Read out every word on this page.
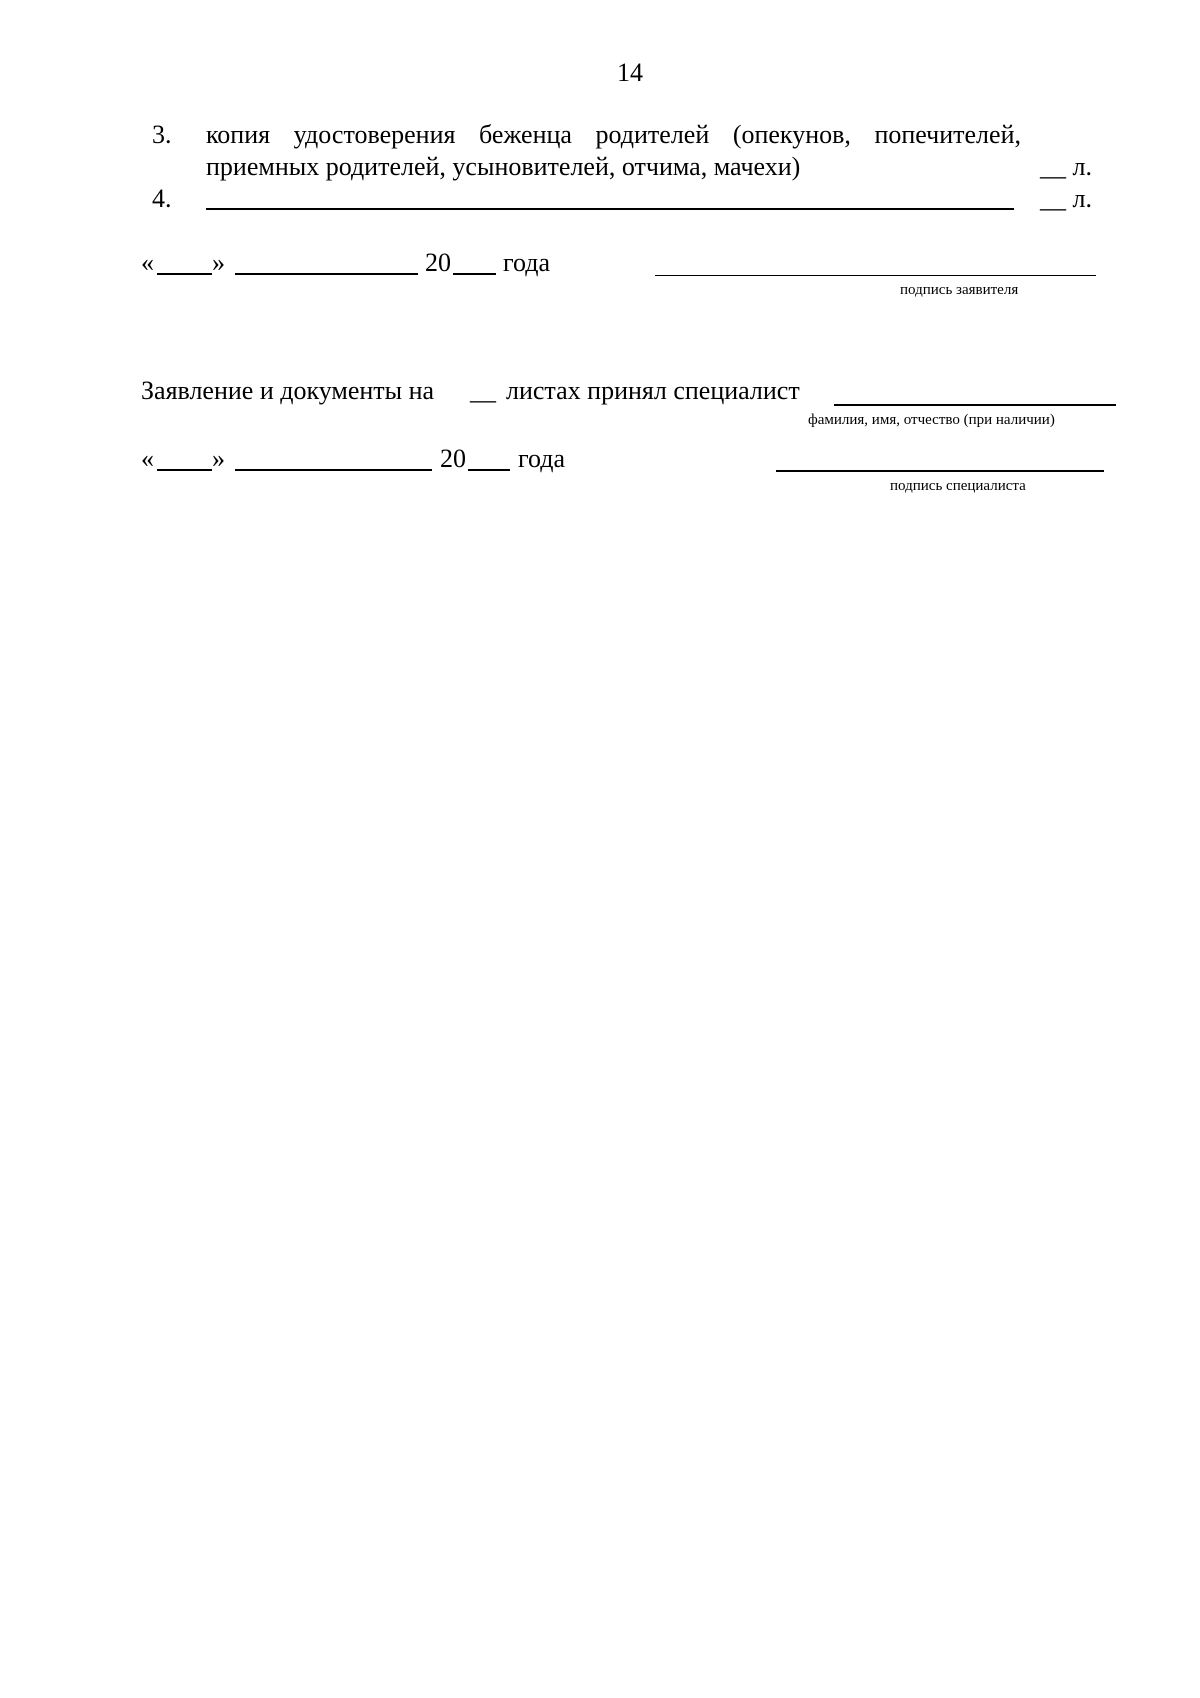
14
3. копия удостоверения беженца родителей (опекунов, попечителей,
приемных родителей, усыновителей, отчима, мачехи)	__ л.
4.	__ л.
« »	20 года
подпись заявителя
Заявление и документы на __ листах принял специалист
фамилия, имя, отчество (при наличии)
« »	20 года
подпись специалиста
